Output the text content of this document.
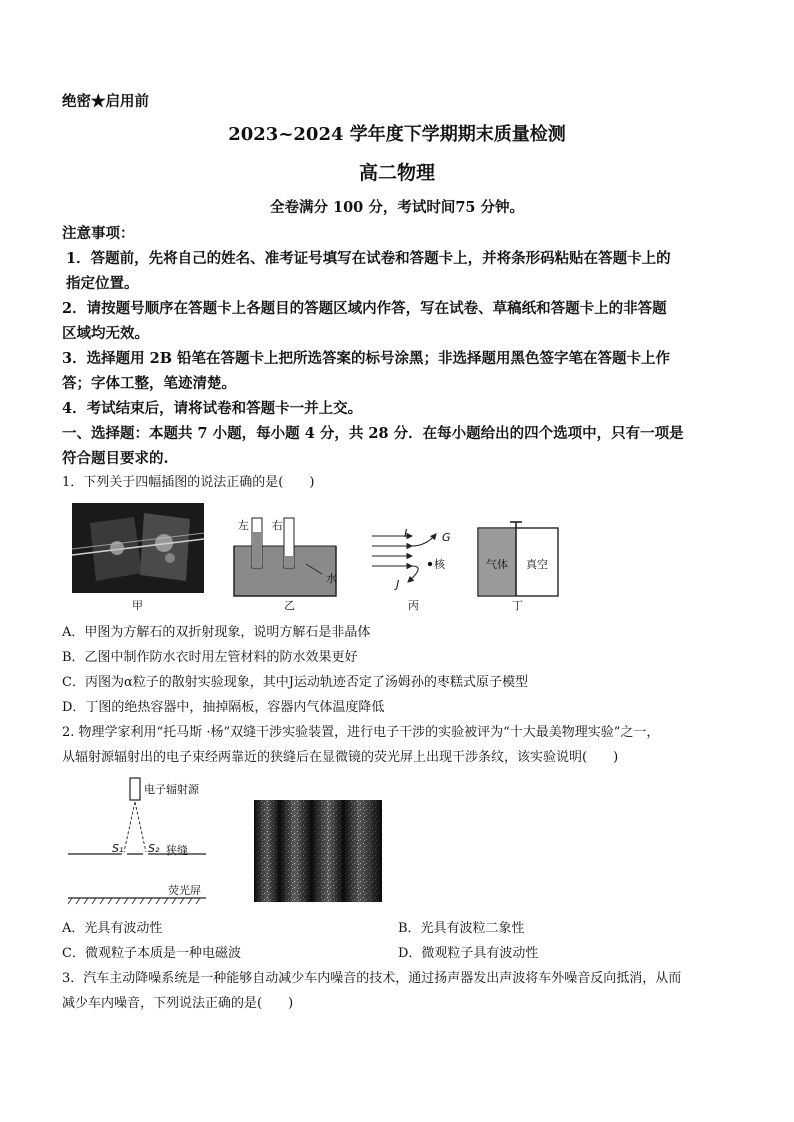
绝密★启用前
2023~2024 学年度下学期期末质量检测
高二物理
全卷满分 100 分，考试时间75 分钟。
注意事项：
1．答题前，先将自己的姓名、准考证号填写在试卷和答题卡上，并将条形码粘贴在答题卡上的
指定位置。
2．请按题号顺序在答题卡上各题目的答题区域内作答，写在试卷、草稿纸和答题卡上的非答题
区域均无效。
3．选择题用 2B 铅笔在答题卡上把所选答案的标号涂黑；非选择题用黑色签字笔在答题卡上作
答；字体工整，笔迹清楚。
4．考试结束后，请将试卷和答题卡一并上交。
一、选择题：本题共 7 小题，每小题 4 分，共 28 分．在每小题给出的四个选项中，只有一项是
符合题目要求的.
1．下列关于四幅插图的说法正确的是(　　)
甲
左 右
水
乙
I	G
核
J
丙
气体 真空
丁
A．甲图为方解石的双折射现象，说明方解石是非晶体
B．乙图中制作防水衣时用左管材料的防水效果更好
C．丙图为α粒子的散射实验现象，其中J运动轨迹否定了汤姆孙的枣糕式原子模型
D．丁图的绝热容器中，抽掉隔板，容器内气体温度降低
2. 物理学家利用“托马斯 ·杨”双缝干涉实验装置，进行电子干涉的实验被评为“十大最美物理实验”之一，
从辐射源辐射出的电子束经两靠近的狭缝后在显微镜的荧光屏上出现干涉条纹，该实验说明(　　)
电子辐射源
S₁ S₂ 狭缝
荧光屏
A．光具有波动性	B．光具有波粒二象性
C．微观粒子本质是一种电磁波	D．微观粒子具有波动性
3．汽车主动降噪系统是一种能够自动减少车内噪音的技术，通过扬声器发出声波将车外噪音反向抵消，从而
减少车内噪音，下列说法正确的是(　　)
